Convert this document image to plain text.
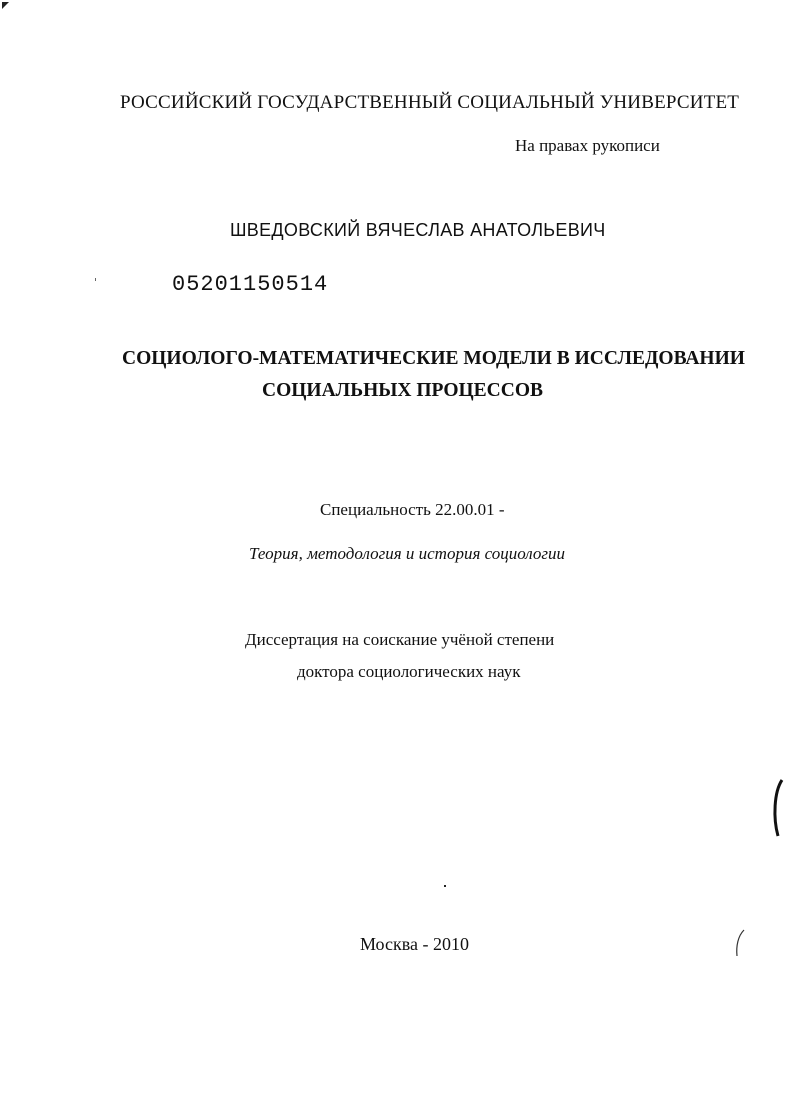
РОССИЙСКИЙ ГОСУДАРСТВЕННЫЙ СОЦИАЛЬНЫЙ УНИВЕРСИТЕТ
На правах рукописи
ШВЕДОВСКИЙ ВЯЧЕСЛАВ АНАТОЛЬЕВИЧ
05201150514
СОЦИОЛОГО-МАТЕМАТИЧЕСКИЕ МОДЕЛИ В ИССЛЕДОВАНИИ
СОЦИАЛЬНЫХ ПРОЦЕССОВ
Специальность 22.00.01 -
Теория, методология и история социологии
Диссертация на соискание учёной степени
доктора социологических наук
Москва - 2010
